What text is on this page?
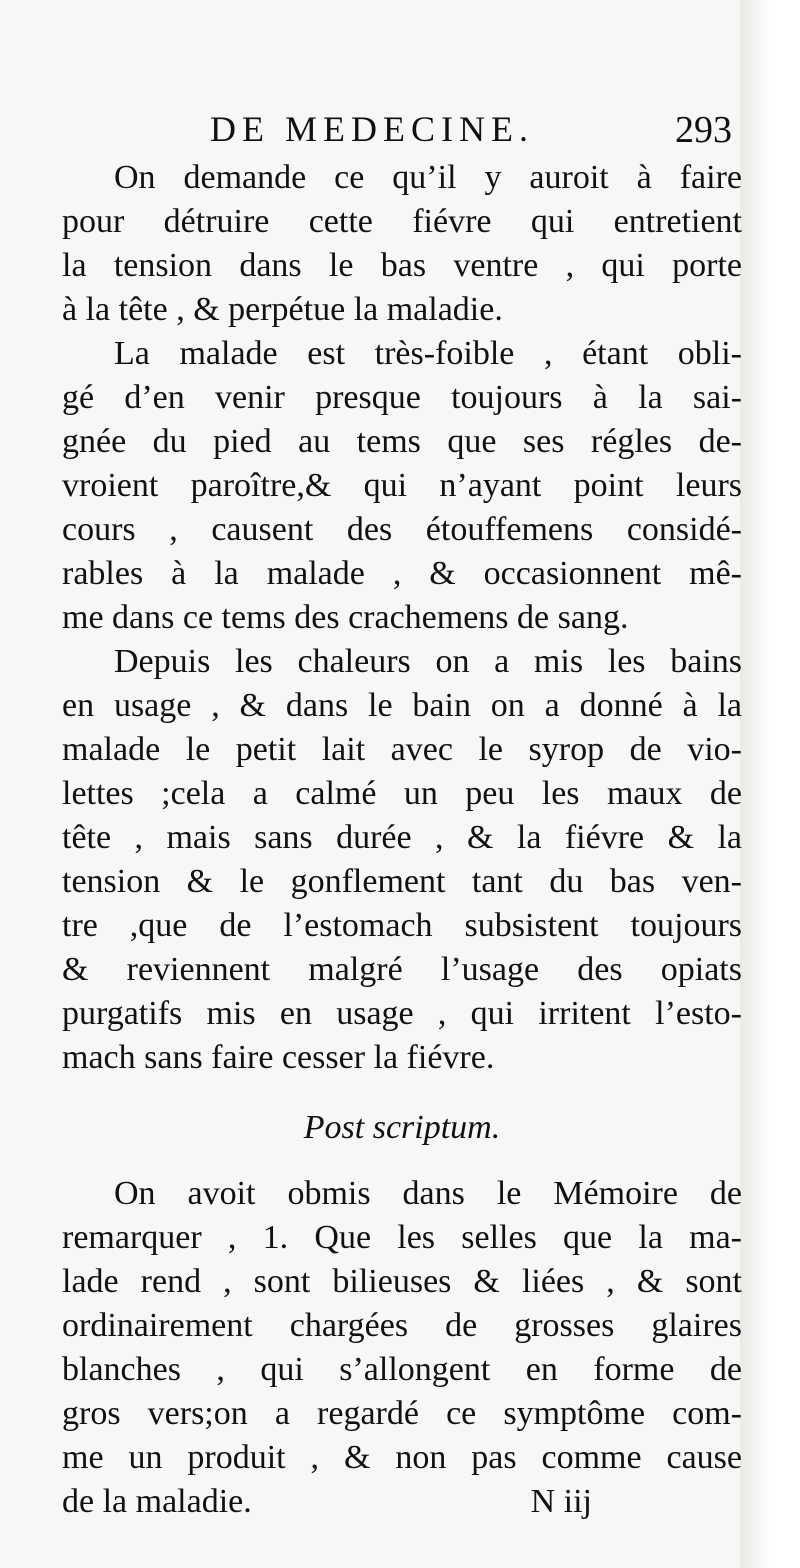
DE MEDECINE.	293
On demande ce qu’il y auroit à faire
pour détruire cette fiévre qui entretient
la tension dans le bas ventre , qui porte
à la tête , & perpétue la maladie.
La malade est très-foible , étant obli-
gé d’en venir presque toujours à la sai-
gnée du pied au tems que ses régles de-
vroient paroître,& qui n’ayant point leurs
cours , causent des étouffemens considé-
rables à la malade , & occasionnent mê-
me dans ce tems des crachemens de sang.
Depuis les chaleurs on a mis les bains
en usage , & dans le bain on a donné à la
malade le petit lait avec le syrop de vio-
lettes ;cela a calmé un peu les maux de
tête , mais sans durée , & la fiévre & la
tension & le gonflement tant du bas ven-
tre ,que de l’estomach subsistent toujours
& reviennent malgré l’usage des opiats
purgatifs mis en usage , qui irritent l’esto-
mach sans faire cesser la fiévre.
Post scriptum.
On avoit obmis dans le Mémoire de
remarquer , 1. Que les selles que la ma-
lade rend , sont bilieuses & liées , & sont
ordinairement chargées de grosses glaires
blanches , qui s’allongent en forme de
gros vers;on a regardé ce symptôme com-
me un produit , & non pas comme cause
de la maladie.	N iij
